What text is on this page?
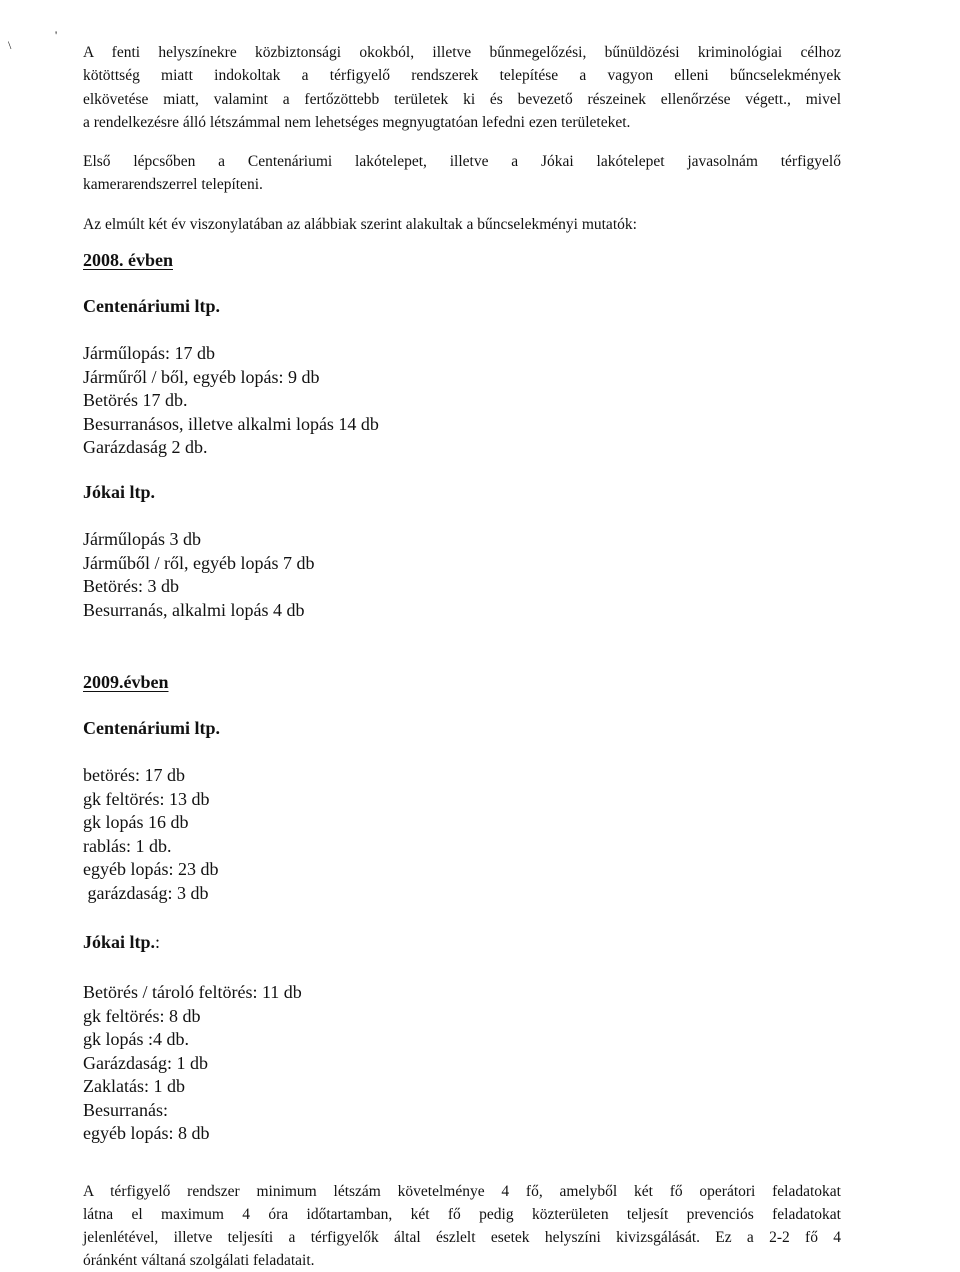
\
'
A fenti helyszínekre közbiztonsági okokból, illetve bűnmegelőzési, bűnüldözési kriminológiai célhoz
kötöttség miatt indokoltak a térfigyelő rendszerek telepítése a vagyon elleni bűncselekmények
elkövetése miatt, valamint a fertőzöttebb területek ki és bevezető részeinek ellenőrzése végett., mivel
a rendelkezésre álló létszámmal nem lehetséges megnyugtatóan lefedni ezen területeket.
Első lépcsőben a Centenáriumi lakótelepet, illetve a Jókai lakótelepet javasolnám térfigyelő
kamerarendszerrel telepíteni.
Az elmúlt két év viszonylatában az alábbiak szerint alakultak a bűncselekményi mutatók:
2008. évben
Centenáriumi ltp.
Járműlopás: 17 db
Járműről / ből, egyéb lopás: 9 db
Betörés 17 db.
Besurranásos, illetve alkalmi lopás 14 db
Garázdaság 2 db.
Jókai ltp.
Járműlopás 3 db
Járműből / ről, egyéb lopás 7 db
Betörés: 3 db
Besurranás, alkalmi lopás 4 db
2009.évben
Centenáriumi ltp.
betörés: 17 db
gk feltörés: 13 db
gk lopás 16 db
rablás: 1 db.
egyéb lopás: 23 db
garázdaság: 3 db
Jókai ltp.:
Betörés / tároló feltörés: 11 db
gk feltörés: 8 db
gk lopás :4 db.
Garázdaság: 1 db
Zaklatás: 1 db
Besurranás:
egyéb lopás: 8 db
A térfigyelő rendszer minimum létszám követelménye 4 fő, amelyből két fő operátori feladatokat
látna el maximum 4 óra időtartamban, két fő pedig közterületen teljesít prevenciós feladatokat
jelenlétével, illetve teljesíti a térfigyelők által észlelt esetek helyszíni kivizsgálását. Ez a 2-2 fő 4
óránként váltaná szolgálati feladatait.
